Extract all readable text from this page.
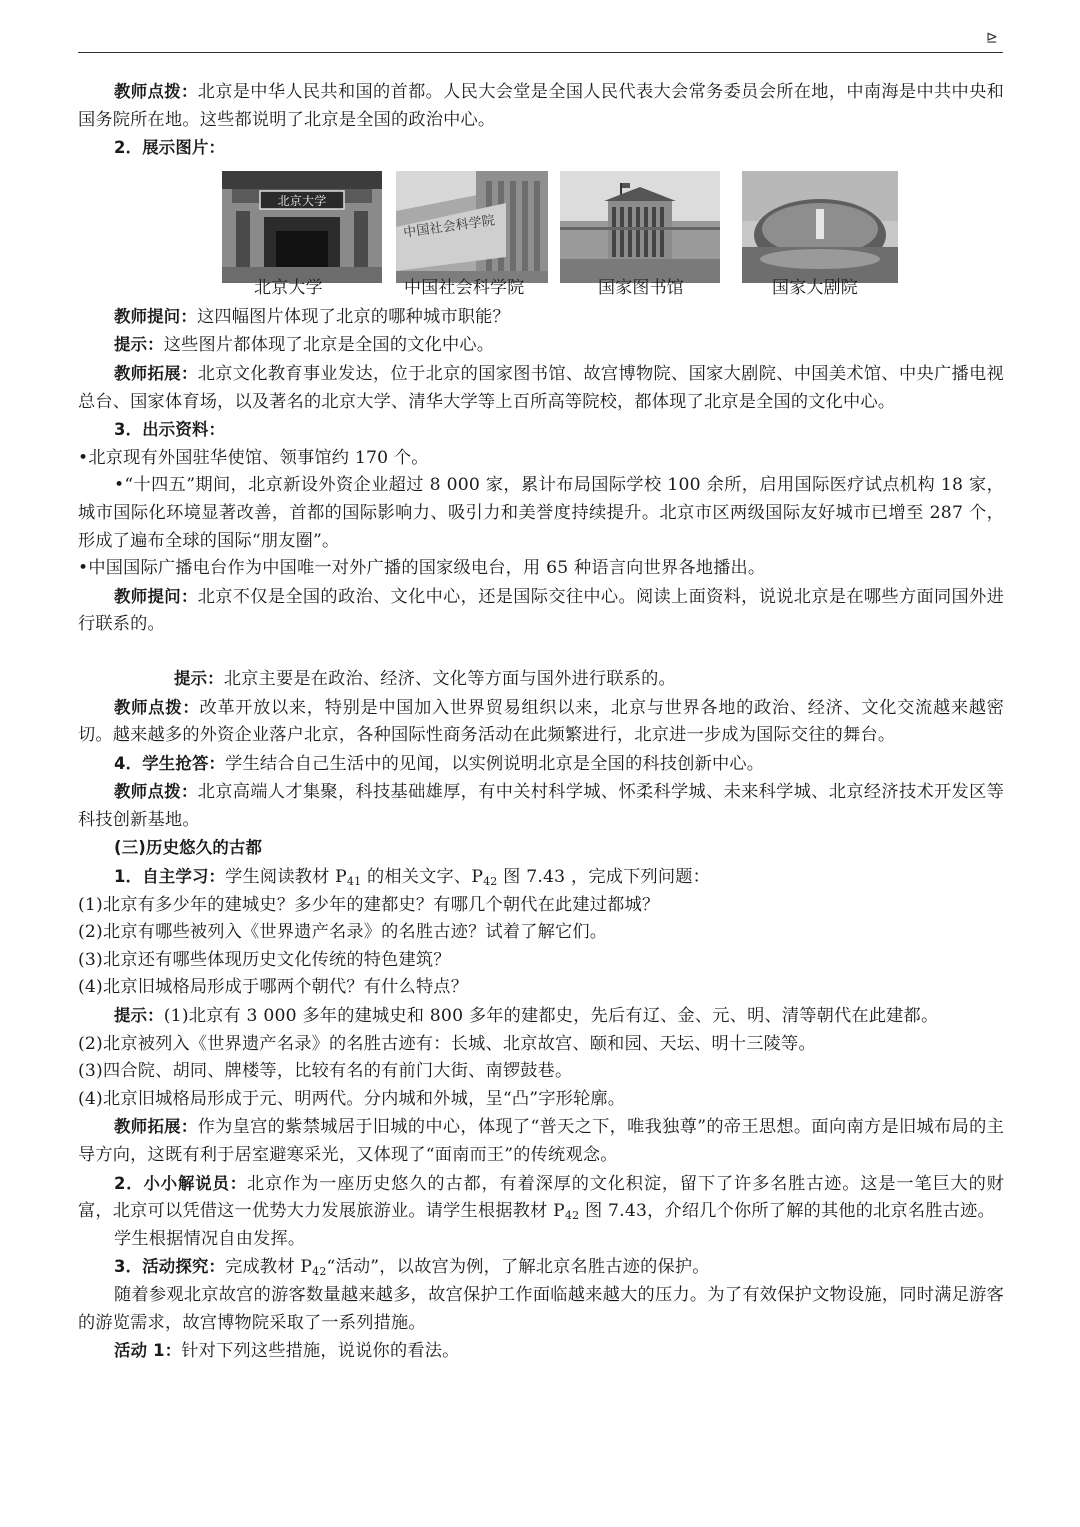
⊵

教师点拨：北京是中华人民共和国的首都。人民大会堂是全国人民代表大会常务委员会所在地，中南海是中共中央和国务院所在地。这些都说明了北京是全国的政治中心。

2．展示图片：

北京大学
北京大学
中国社会科学院
中国社会科学院	国家图书馆	国家大剧院

教师提问：这四幅图片体现了北京的哪种城市职能？

提示：这些图片都体现了北京是全国的文化中心。

教师拓展：北京文化教育事业发达，位于北京的国家图书馆、故宫博物院、国家大剧院、中国美术馆、中央广播电视总台、国家体育场，以及著名的北京大学、清华大学等上百所高等院校，都体现了北京是全国的文化中心。

3．出示资料：

•北京现有外国驻华使馆、领事馆约 170 个。

•“十四五”期间，北京新设外资企业超过 8 000 家，累计布局国际学校 100 余所，启用国际医疗试点机构 18 家，城市国际化环境显著改善，首都的国际影响力、吸引力和美誉度持续提升。北京市区两级国际友好城市已增至 287 个，形成了遍布全球的国际“朋友圈”。

•中国国际广播电台作为中国唯一对外广播的国家级电台，用 65 种语言向世界各地播出。

教师提问：北京不仅是全国的政治、文化中心，还是国际交往中心。阅读上面资料，说说北京是在哪些方面同国外进行联系的。

提示：北京主要是在政治、经济、文化等方面与国外进行联系的。

教师点拨：改革开放以来，特别是中国加入世界贸易组织以来，北京与世界各地的政治、经济、文化交流越来越密切。越来越多的外资企业落户北京，各种国际性商务活动在此频繁进行，北京进一步成为国际交往的舞台。

4．学生抢答：学生结合自己生活中的见闻，以实例说明北京是全国的科技创新中心。

教师点拨：北京高端人才集聚，科技基础雄厚，有中关村科学城、怀柔科学城、未来科学城、北京经济技术开发区等科技创新基地。

(三)历史悠久的古都

1．自主学习：学生阅读教材 $P_{41}$ 的相关文字、$P_{42}$ 图 7.43 ，完成下列问题：

(1)北京有多少年的建城史？多少年的建都史？有哪几个朝代在此建过都城？

(2)北京有哪些被列入《世界遗产名录》的名胜古迹？试着了解它们。

(3)北京还有哪些体现历史文化传统的特色建筑？

(4)北京旧城格局形成于哪两个朝代？有什么特点？

提示：(1)北京有 3 000 多年的建城史和 800 多年的建都史，先后有辽、金、元、明、清等朝代在此建都。

(2)北京被列入《世界遗产名录》的名胜古迹有：长城、北京故宫、颐和园、天坛、明十三陵等。

(3)四合院、胡同、牌楼等，比较有名的有前门大街、南锣鼓巷。

(4)北京旧城格局形成于元、明两代。分内城和外城，呈“凸”字形轮廓。

教师拓展：作为皇宫的紫禁城居于旧城的中心，体现了“普天之下，唯我独尊”的帝王思想。面向南方是旧城布局的主导方向，这既有利于居室避寒采光，又体现了“面南而王”的传统观念。

2．小小解说员：北京作为一座历史悠久的古都，有着深厚的文化积淀，留下了许多名胜古迹。这是一笔巨大的财富，北京可以凭借这一优势大力发展旅游业。请学生根据教材 $P_{42}$ 图 7.43，介绍几个你所了解的其他的北京名胜古迹。

学生根据情况自由发挥。

3．活动探究：完成教材 $P_{42}“$活动”，以故宫为例，了解北京名胜古迹的保护。

随着参观北京故宫的游客数量越来越多，故宫保护工作面临越来越大的压力。为了有效保护文物设施，同时满足游客的游览需求，故宫博物院采取了一系列措施。

活动 1：针对下列这些措施，说说你的看法。
